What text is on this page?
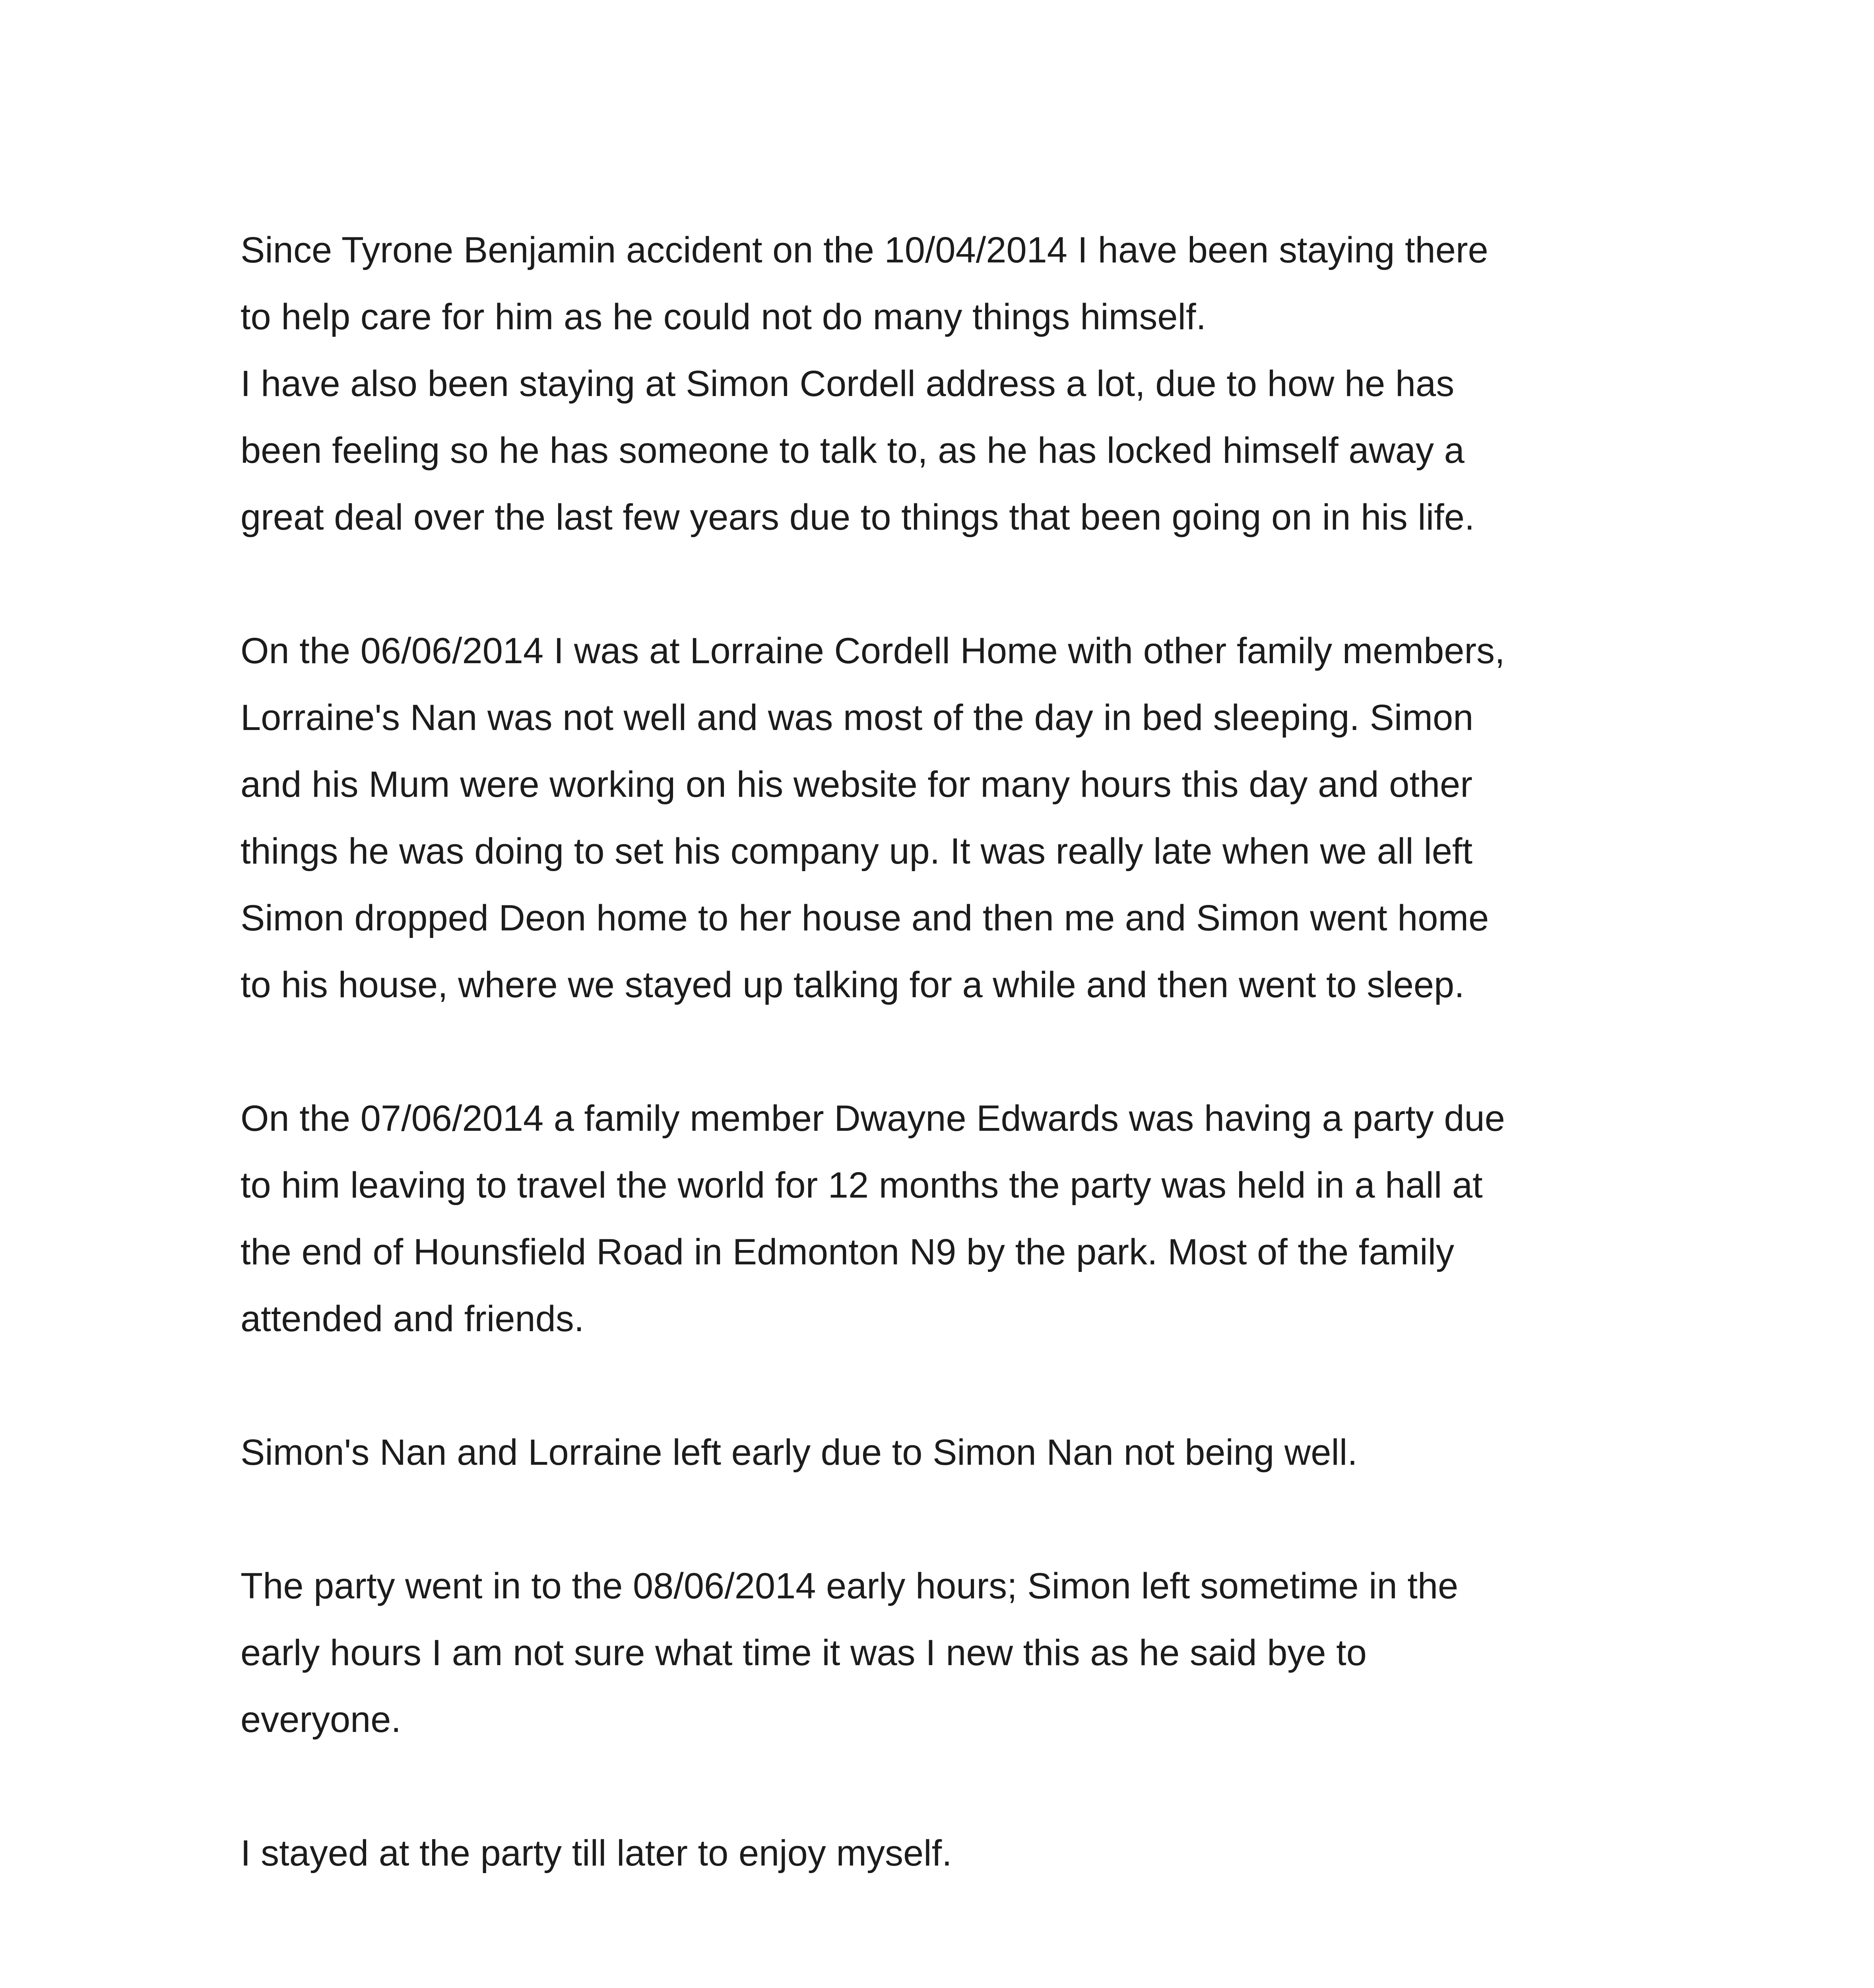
Since Tyrone Benjamin accident on the 10/04/2014 I have been staying there
to help care for him as he could not do many things himself.
I have also been staying at Simon Cordell address a lot, due to how he has
been feeling so he has someone to talk to, as he has locked himself away a
great deal over the last few years due to things that been going on in his life.
On the 06/06/2014 I was at Lorraine Cordell Home with other family members,
Lorraine's Nan was not well and was most of the day in bed sleeping. Simon
and his Mum were working on his website for many hours this day and other
things he was doing to set his company up. It was really late when we all left
Simon dropped Deon home to her house and then me and Simon went home
to his house, where we stayed up talking for a while and then went to sleep.
On the 07/06/2014 a family member Dwayne Edwards was having a party due
to him leaving to travel the world for 12 months the party was held in a hall at
the end of Hounsfield Road in Edmonton N9 by the park. Most of the family
attended and friends.
Simon's Nan and Lorraine left early due to Simon Nan not being well.
The party went in to the 08/06/2014 early hours; Simon left sometime in the
early hours I am not sure what time it was I new this as he said bye to
everyone.
I stayed at the party till later to enjoy myself.
